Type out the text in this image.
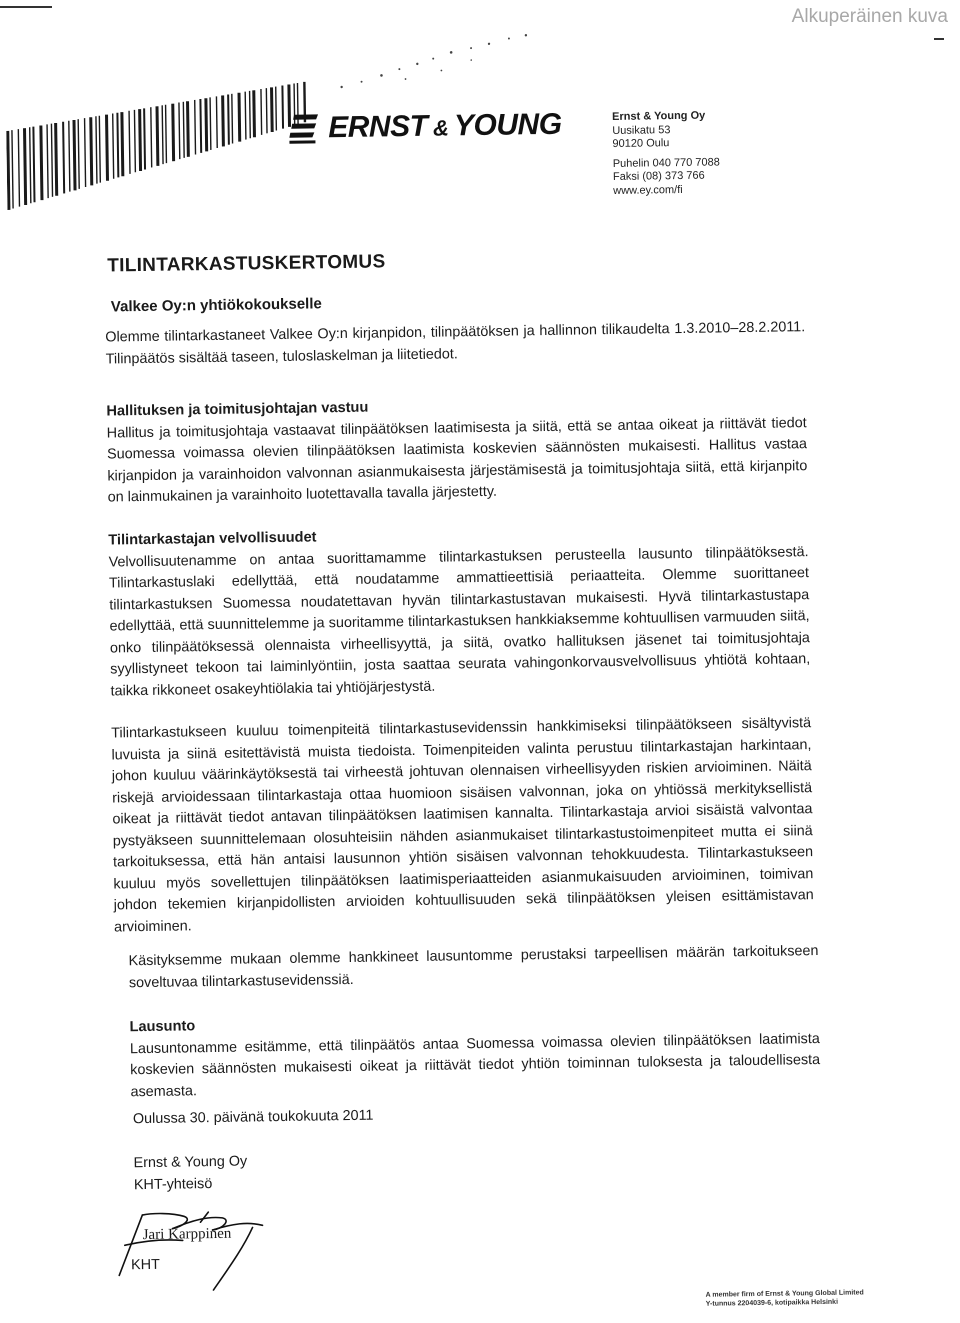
Alkuperäinen kuva
ERNST & YOUNG	Ernst & Young Oy
Uusikatu 53
90120 Oulu
Puhelin 040 770 7088
Faksi (08) 373 766
www.ey.com/fi
TILINTARKASTUSKERTOMUS
Valkee Oy:n yhtiökokoukselle

Olemme tilintarkastaneet Valkee Oy:n kirjanpidon, tilinpäätöksen ja hallinnon tilikaudelta 1.3.2010–28.2.2011. Tilinpäätös sisältää taseen, tuloslaskelman ja liitetiedot.

Hallituksen ja toimitusjohtajan vastuu

Hallitus ja toimitusjohtaja vastaavat tilinpäätöksen laatimisesta ja siitä, että se antaa oikeat ja riittävät tiedot Suomessa voimassa olevien tilinpäätöksen laatimista koskevien säännösten mukaisesti. Hallitus vastaa kirjanpidon ja varainhoidon valvonnan asianmukaisesta järjestämisestä ja toimitusjohtaja siitä, että kirjanpito on lainmukainen ja varainhoito luotettavalla tavalla järjestetty.

Tilintarkastajan velvollisuudet

Velvollisuutenamme on antaa suorittamamme tilintarkastuksen perusteella lausunto tilinpäätöksestä. Tilintarkastuslaki edellyttää, että noudatamme ammattieettisiä periaatteita. Olemme suorittaneet tilintarkastuksen Suomessa noudatettavan hyvän tilintarkastustavan mukaisesti. Hyvä tilintarkastustapa edellyttää, että suunnittelemme ja suoritamme tilintarkastuksen hankkiaksemme kohtuullisen varmuuden siitä, onko tilinpäätöksessä olennaista virheellisyyttä, ja siitä, ovatko hallituksen jäsenet tai toimitusjohtaja syyllistyneet tekoon tai laiminlyöntiin, josta saattaa seurata vahingonkorvausvelvollisuus yhtiötä kohtaan, taikka rikkoneet osakeyhtiölakia tai yhtiöjärjestystä.

Tilintarkastukseen kuuluu toimenpiteitä tilintarkastusevidenssin hankkimiseksi tilinpäätökseen sisältyvistä luvuista ja siinä esitettävistä muista tiedoista. Toimenpiteiden valinta perustuu tilintarkastajan harkintaan, johon kuuluu väärinkäytöksestä tai virheestä johtuvan olennaisen virheellisyyden riskien arvioiminen. Näitä riskejä arvioidessaan tilintarkastaja ottaa huomioon sisäisen valvonnan, joka on yhtiössä merkityksellistä oikeat ja riittävät tiedot antavan tilinpäätöksen laatimisen kannalta. Tilintarkastaja arvioi sisäistä valvontaa pystyäkseen suunnittelemaan olosuhteisiin nähden asianmukaiset tilintarkastustoimenpiteet mutta ei siinä tarkoituksessa, että hän antaisi lausunnon yhtiön sisäisen valvonnan tehokkuudesta. Tilintarkastukseen kuuluu myös sovellettujen tilinpäätöksen laatimisperiaatteiden asianmukaisuuden arvioiminen, toimivan johdon tekemien kirjanpidollisten arvioiden kohtuullisuuden sekä tilinpäätöksen yleisen esittämistavan arvioiminen.

Käsityksemme mukaan olemme hankkineet lausuntomme perustaksi tarpeellisen määrän tarkoitukseen soveltuvaa tilintarkastusevidenssiä.

Lausunto

Lausuntonamme esitämme, että tilinpäätös antaa Suomessa voimassa olevien tilinpäätöksen laatimista koskevien säännösten mukaisesti oikeat ja riittävät tiedot yhtiön toiminnan tuloksesta ja taloudellisesta asemasta.

Oulussa 30. päivänä toukokuuta 2011
Ernst & Young Oy
KHT-yhteisö
Jari Karppinen
KHT
A member firm of Ernst & Young Global Limited
Y-tunnus 2204039-6, kotipaikka Helsinki
